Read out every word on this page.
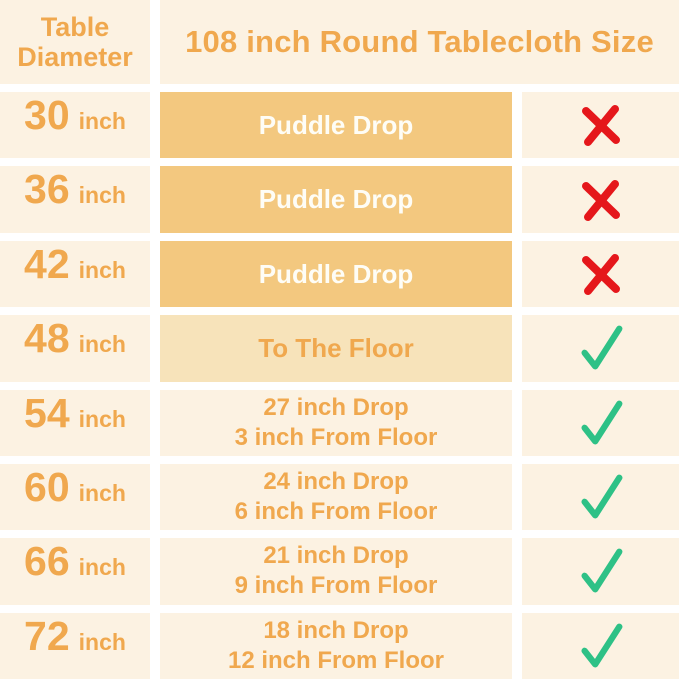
Table
Diameter	108 inch Round Tablecloth Size
30 inch	Puddle Drop
36 inch	Puddle Drop
42 inch	Puddle Drop
48 inch	To The Floor
54 inch	27 inch Drop
3 inch From Floor
60 inch	24 inch Drop
6 inch From Floor
66 inch	21 inch Drop
9 inch From Floor
72 inch	18 inch Drop
12 inch From Floor
